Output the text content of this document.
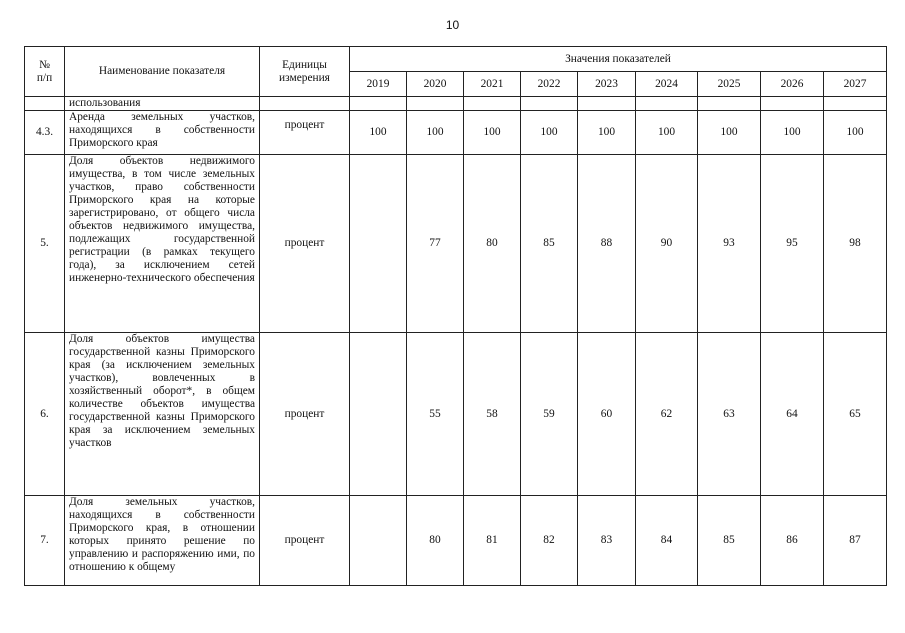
10
№
п/п	Наименование показателя	Единицы измерения	Значения показателей								
			2019	2020	2021	2022	2023	2024	2025	2026	2027
	использования										
4.3.	Аренда земельных участков, находящихся в собственности Приморского края	процент	100	100	100	100	100	100	100	100	100
5.	Доля объектов недвижимого имущества, в том числе земельных участков, право собственности Приморского края на которые зарегистрировано, от общего числа объектов недвижимого имущества, подлежащих государственной регистрации (в рамках текущего года), за исключением сетей инженерно-технического обеспечения	процент		77	80	85	88	90	93	95	98
6.	Доля объектов имущества государственной казны Приморского края (за исключением земельных участков), вовлеченных в хозяйственный оборот*, в общем количестве объектов имущества государственной казны Приморского края за исключением земельных участков	процент		55	58	59	60	62	63	64	65
7.	Доля земельных участков, находящихся в собственности Приморского края, в отношении которых принято решение по управлению и распоряжению ими, по отношению к общему	процент		80	81	82	83	84	85	86	87
